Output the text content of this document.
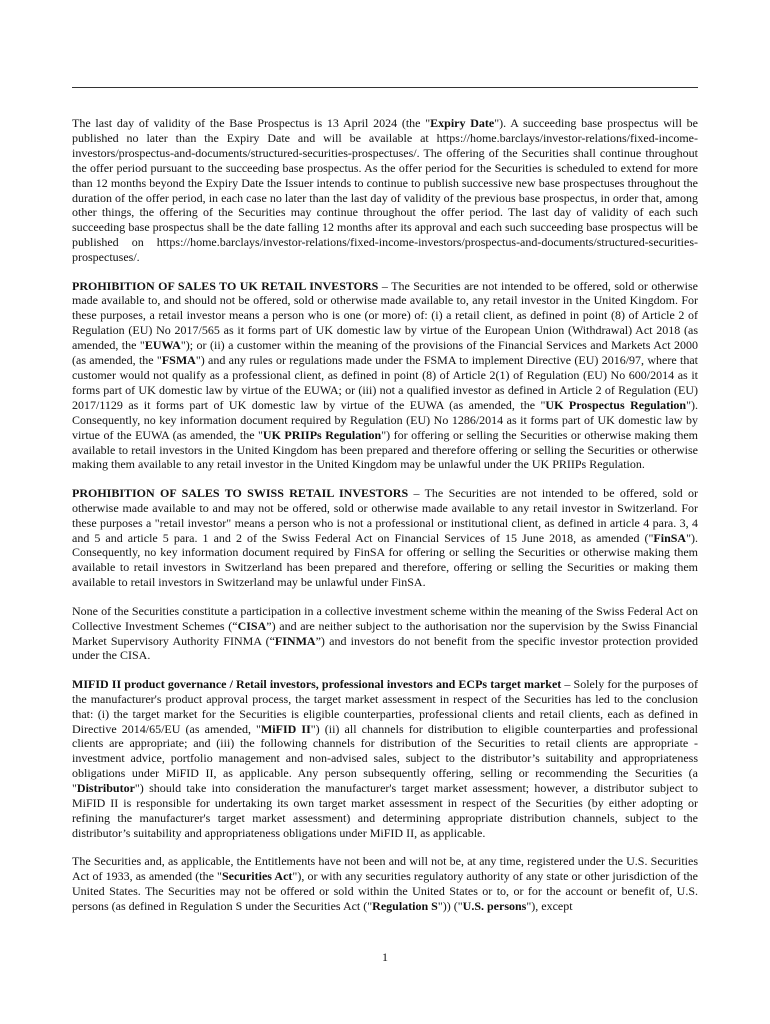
The last day of validity of the Base Prospectus is 13 April 2024 (the "Expiry Date"). A succeeding base prospectus will be published no later than the Expiry Date and will be available at https://home.barclays/investor-relations/fixed-income-investors/prospectus-and-documents/structured-securities-prospectuses/. The offering of the Securities shall continue throughout the offer period pursuant to the succeeding base prospectus. As the offer period for the Securities is scheduled to extend for more than 12 months beyond the Expiry Date the Issuer intends to continue to publish successive new base prospectuses throughout the duration of the offer period, in each case no later than the last day of validity of the previous base prospectus, in order that, among other things, the offering of the Securities may continue throughout the offer period. The last day of validity of each such succeeding base prospectus shall be the date falling 12 months after its approval and each such succeeding base prospectus will be published on https://home.barclays/investor-relations/fixed-income-investors/prospectus-and-documents/structured-securities-prospectuses/.

PROHIBITION OF SALES TO UK RETAIL INVESTORS – The Securities are not intended to be offered, sold or otherwise made available to, and should not be offered, sold or otherwise made available to, any retail investor in the United Kingdom. For these purposes, a retail investor means a person who is one (or more) of: (i) a retail client, as defined in point (8) of Article 2 of Regulation (EU) No 2017/565 as it forms part of UK domestic law by virtue of the European Union (Withdrawal) Act 2018 (as amended, the "EUWA"); or (ii) a customer within the meaning of the provisions of the Financial Services and Markets Act 2000 (as amended, the "FSMA") and any rules or regulations made under the FSMA to implement Directive (EU) 2016/97, where that customer would not qualify as a professional client, as defined in point (8) of Article 2(1) of Regulation (EU) No 600/2014 as it forms part of UK domestic law by virtue of the EUWA; or (iii) not a qualified investor as defined in Article 2 of Regulation (EU) 2017/1129 as it forms part of UK domestic law by virtue of the EUWA (as amended, the "UK Prospectus Regulation"). Consequently, no key information document required by Regulation (EU) No 1286/2014 as it forms part of UK domestic law by virtue of the EUWA (as amended, the "UK PRIIPs Regulation") for offering or selling the Securities or otherwise making them available to retail investors in the United Kingdom has been prepared and therefore offering or selling the Securities or otherwise making them available to any retail investor in the United Kingdom may be unlawful under the UK PRIIPs Regulation.

PROHIBITION OF SALES TO SWISS RETAIL INVESTORS – The Securities are not intended to be offered, sold or otherwise made available to and may not be offered, sold or otherwise made available to any retail investor in Switzerland. For these purposes a "retail investor" means a person who is not a professional or institutional client, as defined in article 4 para. 3, 4 and 5 and article 5 para. 1 and 2 of the Swiss Federal Act on Financial Services of 15 June 2018, as amended ("FinSA"). Consequently, no key information document required by FinSA for offering or selling the Securities or otherwise making them available to retail investors in Switzerland has been prepared and therefore, offering or selling the Securities or making them available to retail investors in Switzerland may be unlawful under FinSA.

None of the Securities constitute a participation in a collective investment scheme within the meaning of the Swiss Federal Act on Collective Investment Schemes (“CISA”) and are neither subject to the authorisation nor the supervision by the Swiss Financial Market Supervisory Authority FINMA (“FINMA”) and investors do not benefit from the specific investor protection provided under the CISA.

MIFID II product governance / Retail investors, professional investors and ECPs target market – Solely for the purposes of the manufacturer's product approval process, the target market assessment in respect of the Securities has led to the conclusion that: (i) the target market for the Securities is eligible counterparties, professional clients and retail clients, each as defined in Directive 2014/65/EU (as amended, "MiFID II") (ii) all channels for distribution to eligible counterparties and professional clients are appropriate; and (iii) the following channels for distribution of the Securities to retail clients are appropriate - investment advice, portfolio management and non-advised sales, subject to the distributor’s suitability and appropriateness obligations under MiFID II, as applicable. Any person subsequently offering, selling or recommending the Securities (a "Distributor") should take into consideration the manufacturer's target market assessment; however, a distributor subject to MiFID II is responsible for undertaking its own target market assessment in respect of the Securities (by either adopting or refining the manufacturer's target market assessment) and determining appropriate distribution channels, subject to the distributor’s suitability and appropriateness obligations under MiFID II, as applicable.

The Securities and, as applicable, the Entitlements have not been and will not be, at any time, registered under the U.S. Securities Act of 1933, as amended (the "Securities Act"), or with any securities regulatory authority of any state or other jurisdiction of the United States. The Securities may not be offered or sold within the United States or to, or for the account or benefit of, U.S. persons (as defined in Regulation S under the Securities Act ("Regulation S")) ("U.S. persons"), except

1
